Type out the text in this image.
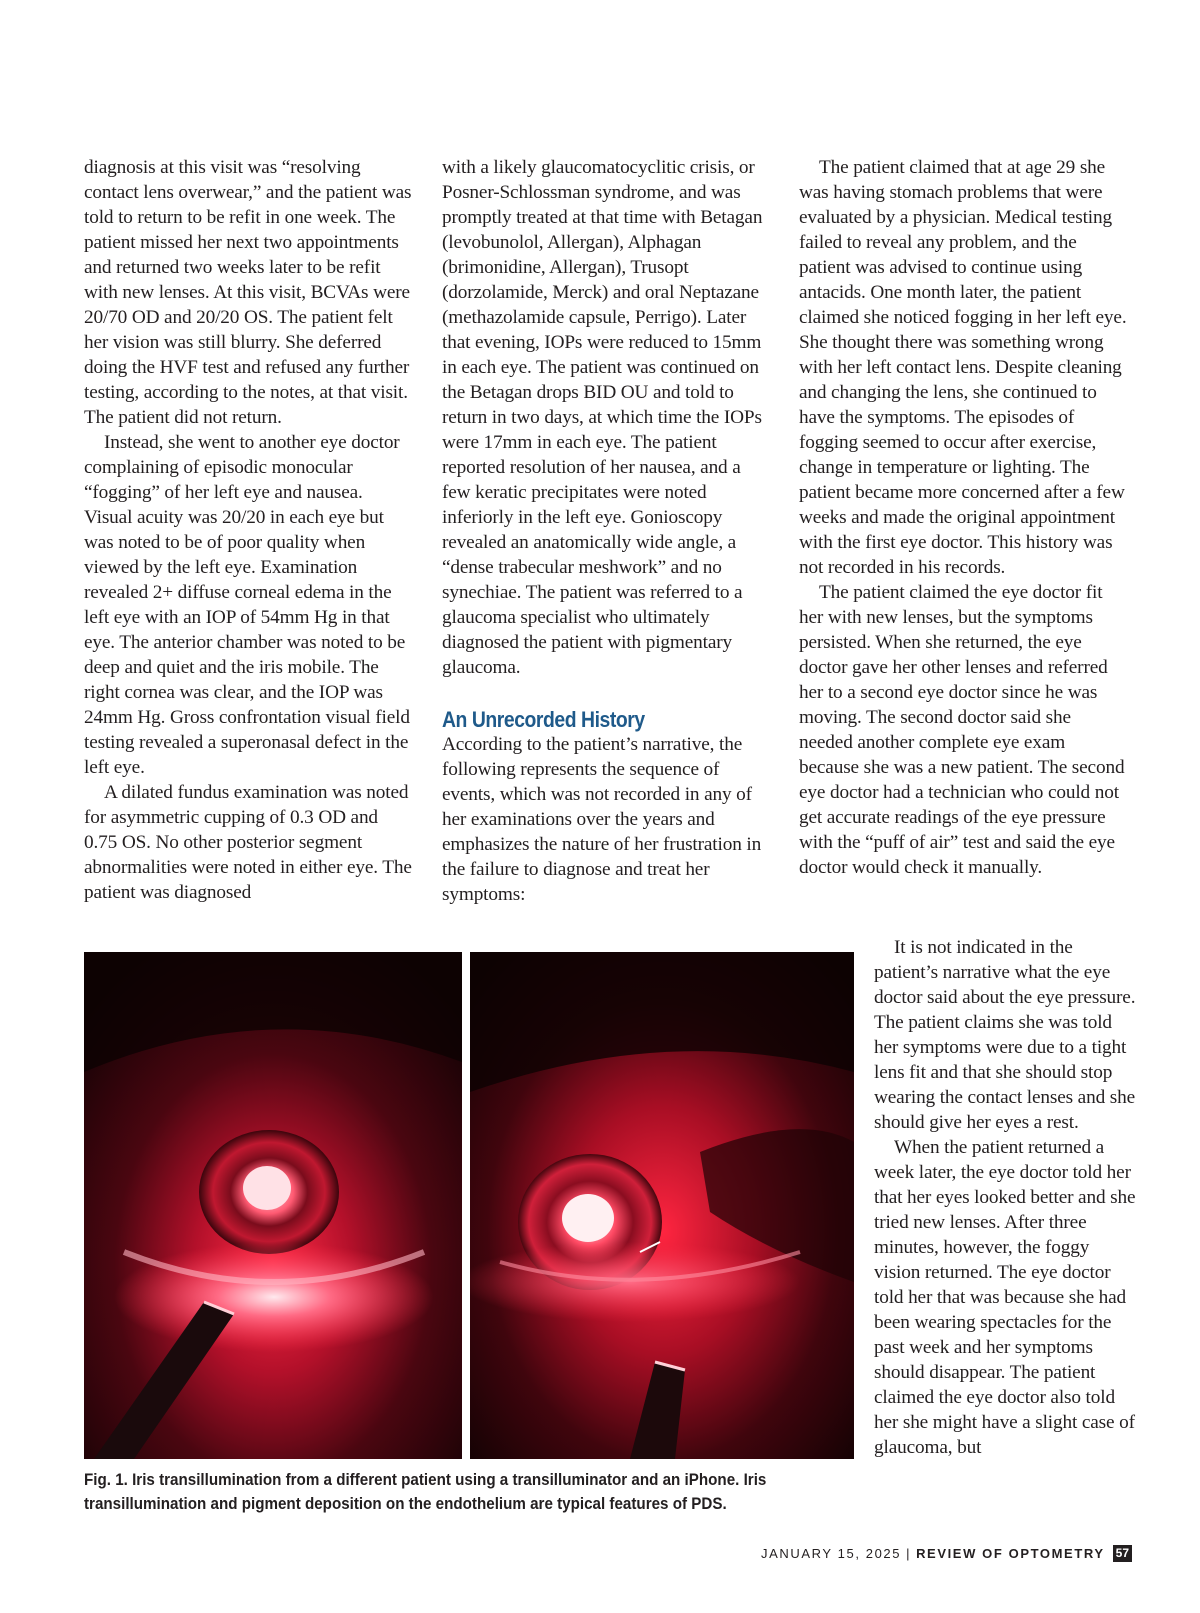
diagnosis at this visit was “resolving contact lens overwear,” and the patient was told to return to be refit in one week. The patient missed her next two appointments and returned two weeks later to be refit with new lenses. At this visit, BCVAs were 20/70 OD and 20/20 OS. The patient felt her vision was still blurry. She deferred doing the HVF test and refused any further testing, according to the notes, at that visit. The patient did not return.

Instead, she went to another eye doctor complaining of episodic monocular “fogging” of her left eye and nausea. Visual acuity was 20/20 in each eye but was noted to be of poor quality when viewed by the left eye. Examination revealed 2+ diffuse corneal edema in the left eye with an IOP of 54mm Hg in that eye. The anterior chamber was noted to be deep and quiet and the iris mobile. The right cornea was clear, and the IOP was 24mm Hg. Gross confrontation visual field testing revealed a superonasal defect in the left eye.

A dilated fundus examination was noted for asymmetric cupping of 0.3 OD and 0.75 OS. No other posterior segment abnormalities were noted in either eye. The patient was diagnosed

with a likely glaucomatocyclitic crisis, or Posner-Schlossman syndrome, and was promptly treated at that time with Betagan (levobunolol, Allergan), Alphagan (brimonidine, Allergan), Trusopt (dorzolamide, Merck) and oral Neptazane (methazolamide capsule, Perrigo). Later that evening, IOPs were reduced to 15mm in each eye. The patient was continued on the Betagan drops BID OU and told to return in two days, at which time the IOPs were 17mm in each eye. The patient reported resolution of her nausea, and a few keratic precipitates were noted inferiorly in the left eye. Gonioscopy revealed an anatomically wide angle, a “dense trabecular meshwork” and no synechiae. The patient was referred to a glaucoma specialist who ultimately diagnosed the patient with pigmentary glaucoma.

An Unrecorded History

According to the patient’s narrative, the following represents the sequence of events, which was not recorded in any of her examinations over the years and emphasizes the nature of her frustration in the failure to diagnose and treat her symptoms:

The patient claimed that at age 29 she was having stomach problems that were evaluated by a physician. Medical testing failed to reveal any problem, and the patient was advised to continue using antacids. One month later, the patient claimed she noticed fogging in her left eye. She thought there was something wrong with her left contact lens. Despite cleaning and changing the lens, she continued to have the symptoms. The episodes of fogging seemed to occur after exercise, change in temperature or lighting. The patient became more concerned after a few weeks and made the original appointment with the first eye doctor. This history was not recorded in his records.

The patient claimed the eye doctor fit her with new lenses, but the symptoms persisted. When she returned, the eye doctor gave her other lenses and referred her to a second eye doctor since he was moving. The second doctor said she needed another complete eye exam because she was a new patient. The second eye doctor had a technician who could not get accurate readings of the eye pressure with the “puff of air” test and said the eye doctor would check it manually.

It is not indicated in the patient’s narrative what the eye doctor said about the eye pressure. The patient claims she was told her symptoms were due to a tight lens fit and that she should stop wearing the contact lenses and she should give her eyes a rest.

When the patient returned a week later, the eye doctor told her that her eyes looked better and she tried new lenses. After three minutes, however, the foggy vision returned. The eye doctor told her that was because she had been wearing spectacles for the past week and her symptoms should disappear. The patient claimed the eye doctor also told her she might have a slight case of glaucoma, but

Fig. 1. Iris transillumination from a different patient using a transilluminator and an iPhone. Iris transillumination and pigment deposition on the endothelium are typical features of PDS.
JANUARY 15, 2025 | REVIEW OF OPTOMETRY 57
